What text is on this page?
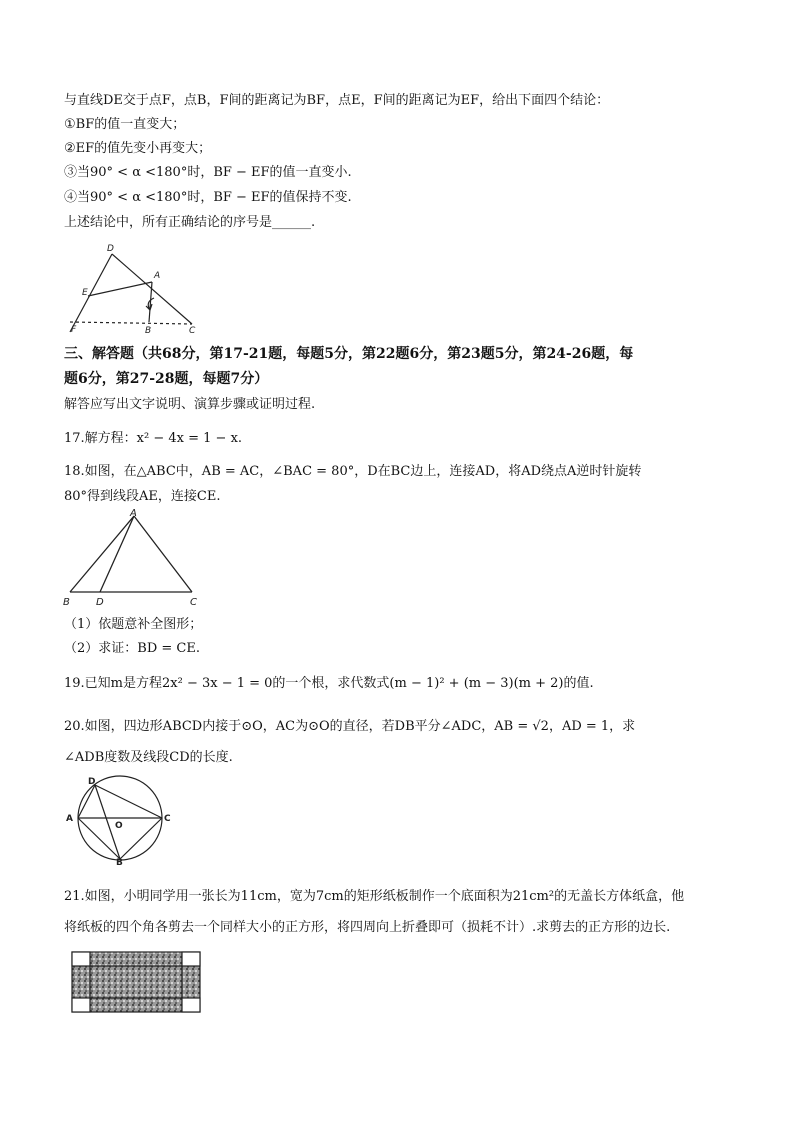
与直线DE交于点F，点B，F间的距离记为BF，点E，F间的距离记为EF，给出下面四个结论：
①BF的值一直变大；
②EF的值先变小再变大；
③当90° < α <180°时，BF − EF的值一直变小.
④当90° < α <180°时，BF − EF的值保持不变.
上述结论中，所有正确结论的序号是______.
D
A
E
F	B	C
三、解答题（共68分，第17-21题，每题5分，第22题6分，第23题5分，第24-26题，每
题6分，第27-28题，每题7分）
解答应写出文字说明、演算步骤或证明过程.
17.解方程：x² − 4x = 1 − x.
18.如图，在△ABC中，AB = AC，∠BAC = 80°，D在BC边上，连接AD，将AD绕点A逆时针旋转
80°得到线段AE，连接CE.
A
B	D	C
（1）依题意补全图形；
（2）求证：BD = CE.
19.已知m是方程2x² − 3x − 1 = 0的一个根，求代数式(m − 1)² + (m − 3)(m + 2)的值.
20.如图，四边形ABCD内接于⊙O，AC为⊙O的直径，若DB平分∠ADC，AB = √2，AD = 1，求
∠ADB度数及线段CD的长度.
D
A
O
C
B
21.如图，小明同学用一张长为11cm，宽为7cm的矩形纸板制作一个底面积为21cm²的无盖长方体纸盒，他
将纸板的四个角各剪去一个同样大小的正方形，将四周向上折叠即可（损耗不计）.求剪去的正方形的边长.
